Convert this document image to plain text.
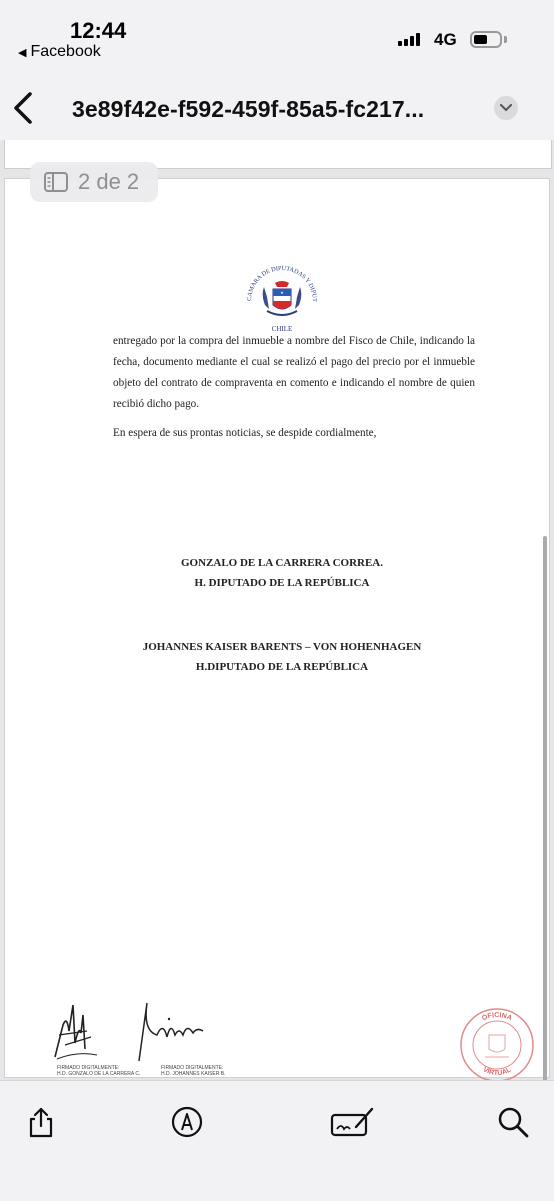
12:44
◀ Facebook
4G
3e89f42e-f592-459f-85a5-fc217...
CAMARA DE DIPUTADAS Y DIPUT
CHILE

entregado por la compra del inmueble a nombre del Fisco de Chile, indicando la fecha, documento mediante el cual se realizó el pago del precio por el inmueble objeto del contrato de compraventa en comento e indicando el nombre de quien recibió dicho pago.

En espera de sus prontas noticias, se despide cordialmente,

GONZALO DE LA CARRERA CORREA.
H. DIPUTADO DE LA REPÚBLICA
JOHANNES KAISER BARENTS – VON HOHENHAGEN
H.DIPUTADO DE LA REPÚBLICA
FIRMADO DIGITALMENTE:
H.D. GONZALO DE LA CARRERA C.
FIRMADO DIGITALMENTE:
H.D. JOHANNES KAISER B.
OFICINA
VIRTUAL
2 de 2
